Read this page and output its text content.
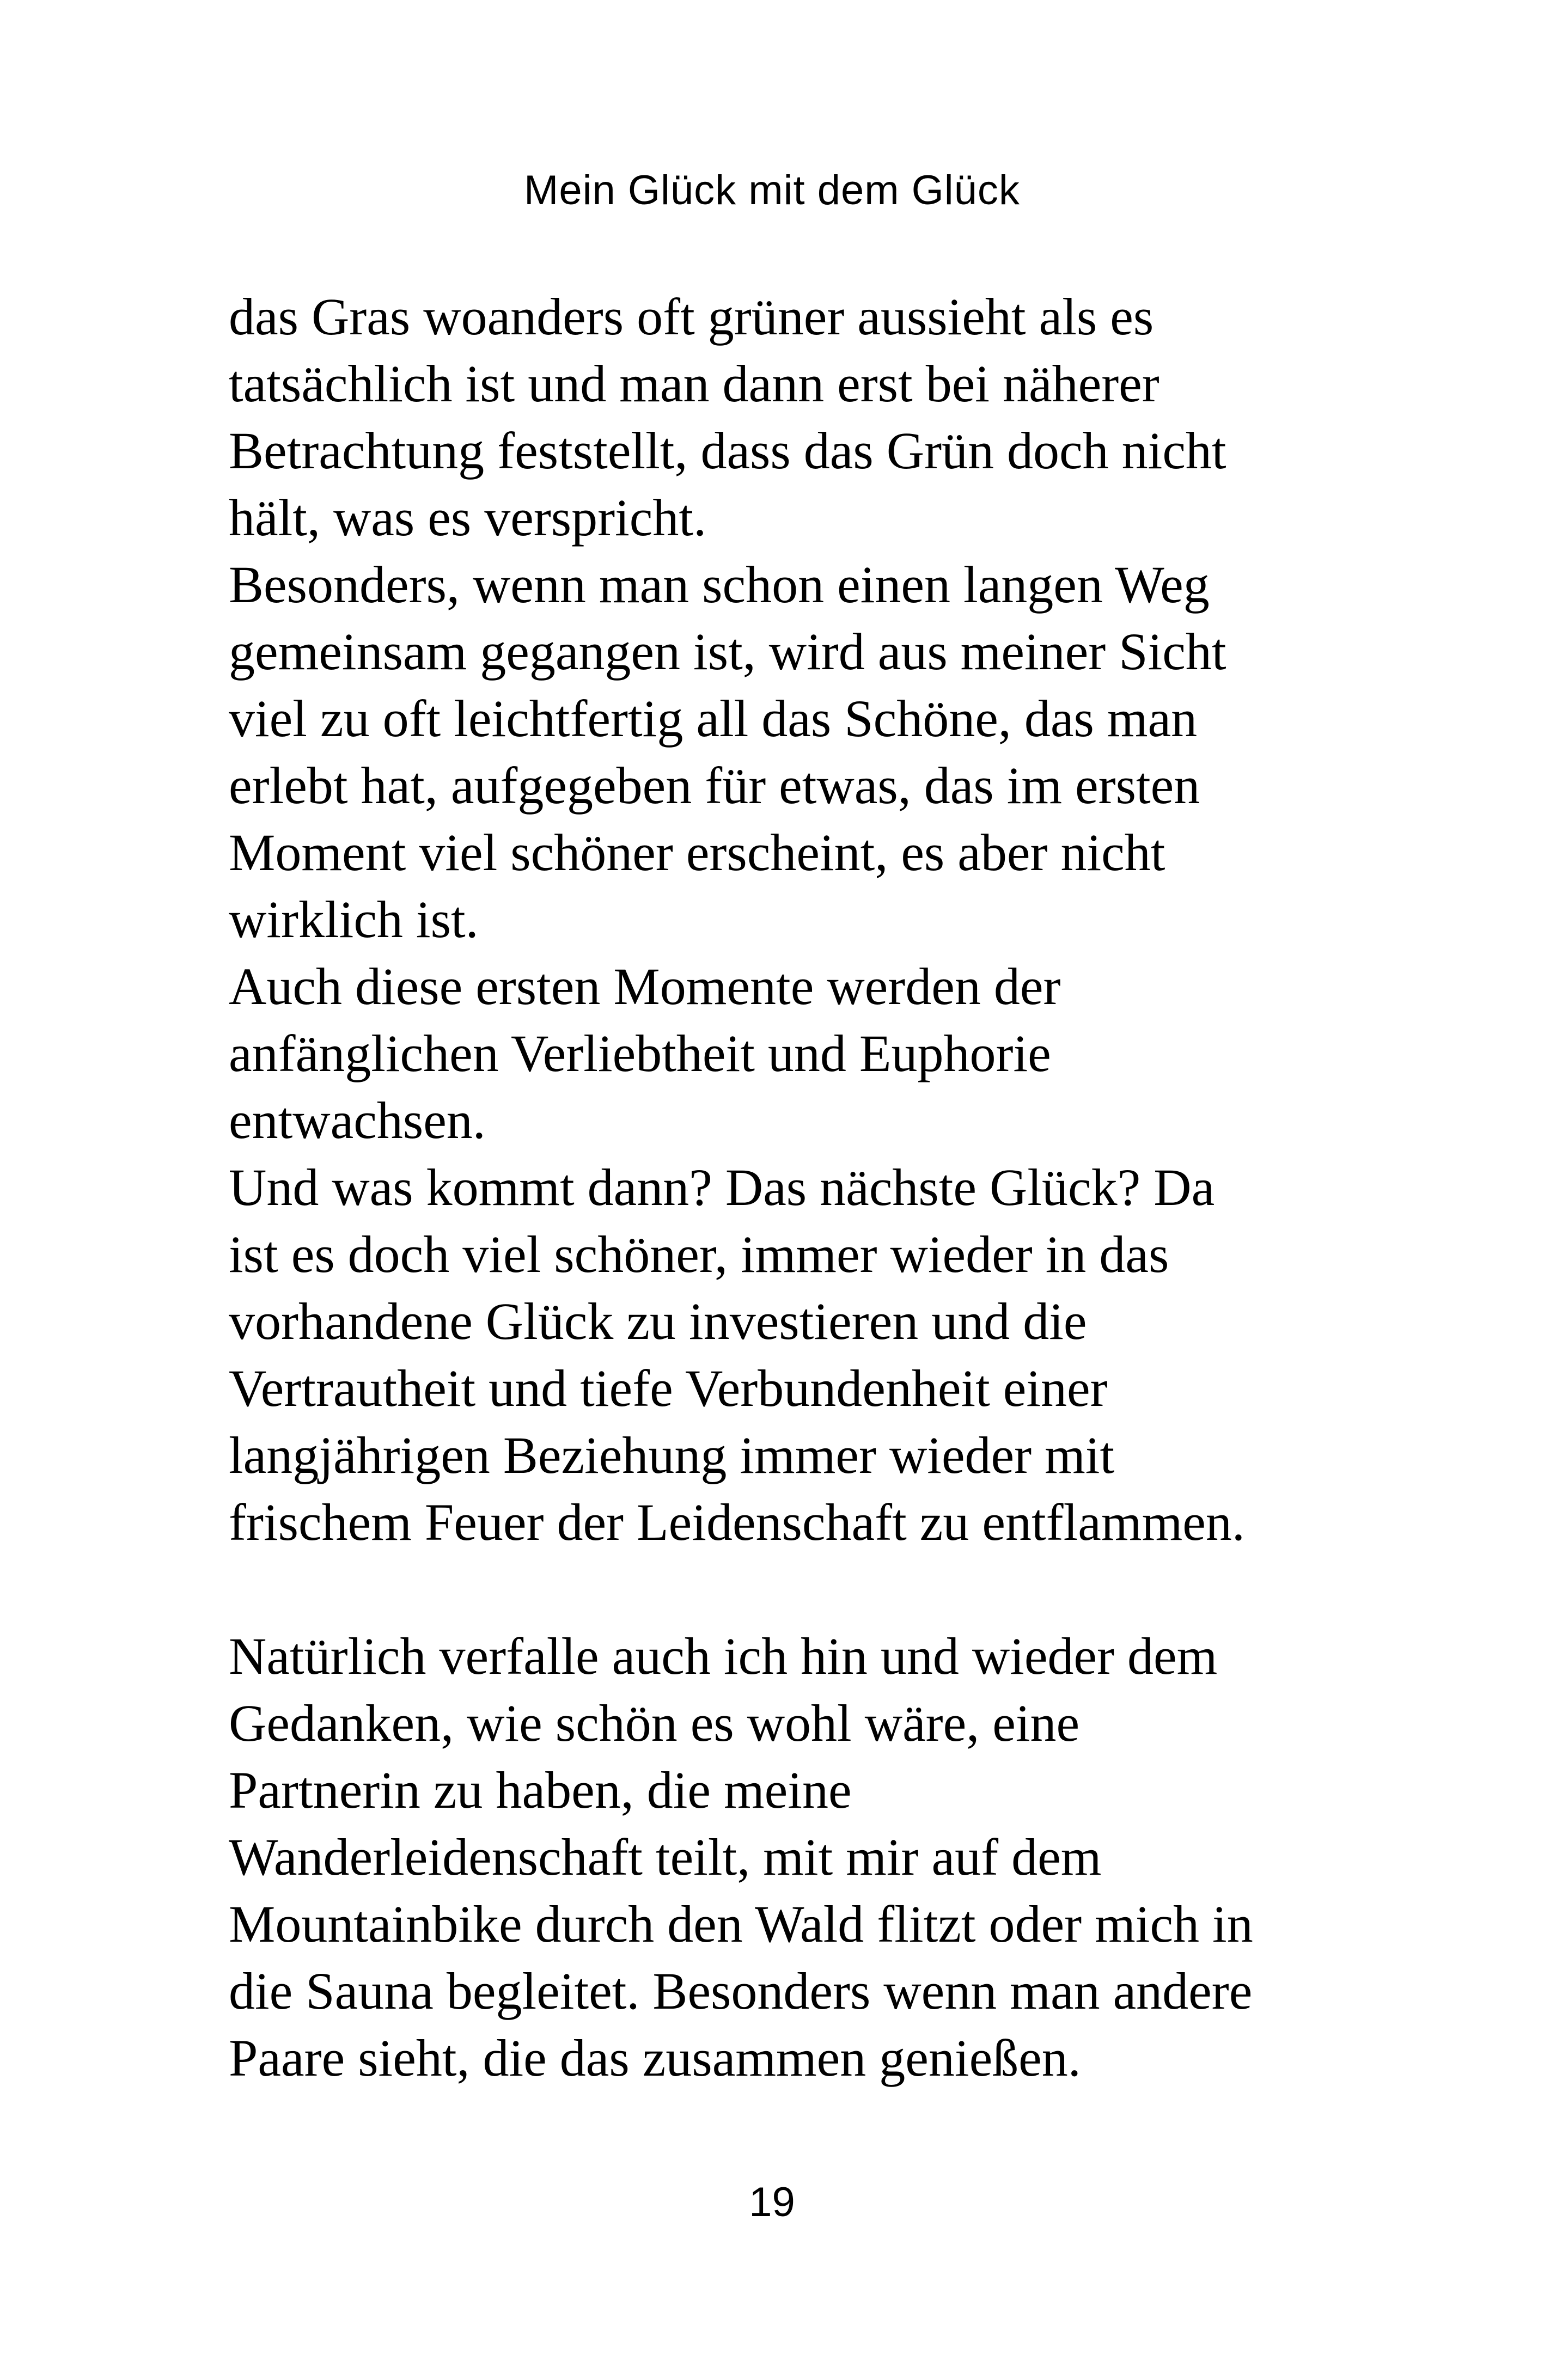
Mein Glück mit dem Glück
das Gras woanders oft grüner aussieht als es
tatsächlich ist und man dann erst bei näherer
Betrachtung feststellt, dass das Grün doch nicht
hält, was es verspricht.
Besonders, wenn man schon einen langen Weg
gemeinsam gegangen ist, wird aus meiner Sicht
viel zu oft leichtfertig all das Schöne, das man
erlebt hat, aufgegeben für etwas, das im ersten
Moment viel schöner erscheint, es aber nicht
wirklich ist.
Auch diese ersten Momente werden der
anfänglichen Verliebtheit und Euphorie
entwachsen.
Und was kommt dann? Das nächste Glück? Da
ist es doch viel schöner, immer wieder in das
vorhandene Glück zu investieren und die
Vertrautheit und tiefe Verbundenheit einer
langjährigen Beziehung immer wieder mit
frischem Feuer der Leidenschaft zu entflammen.
Natürlich verfalle auch ich hin und wieder dem
Gedanken, wie schön es wohl wäre, eine
Partnerin zu haben, die meine
Wanderleidenschaft teilt, mit mir auf dem
Mountainbike durch den Wald flitzt oder mich in
die Sauna begleitet. Besonders wenn man andere
Paare sieht, die das zusammen genießen.
19
